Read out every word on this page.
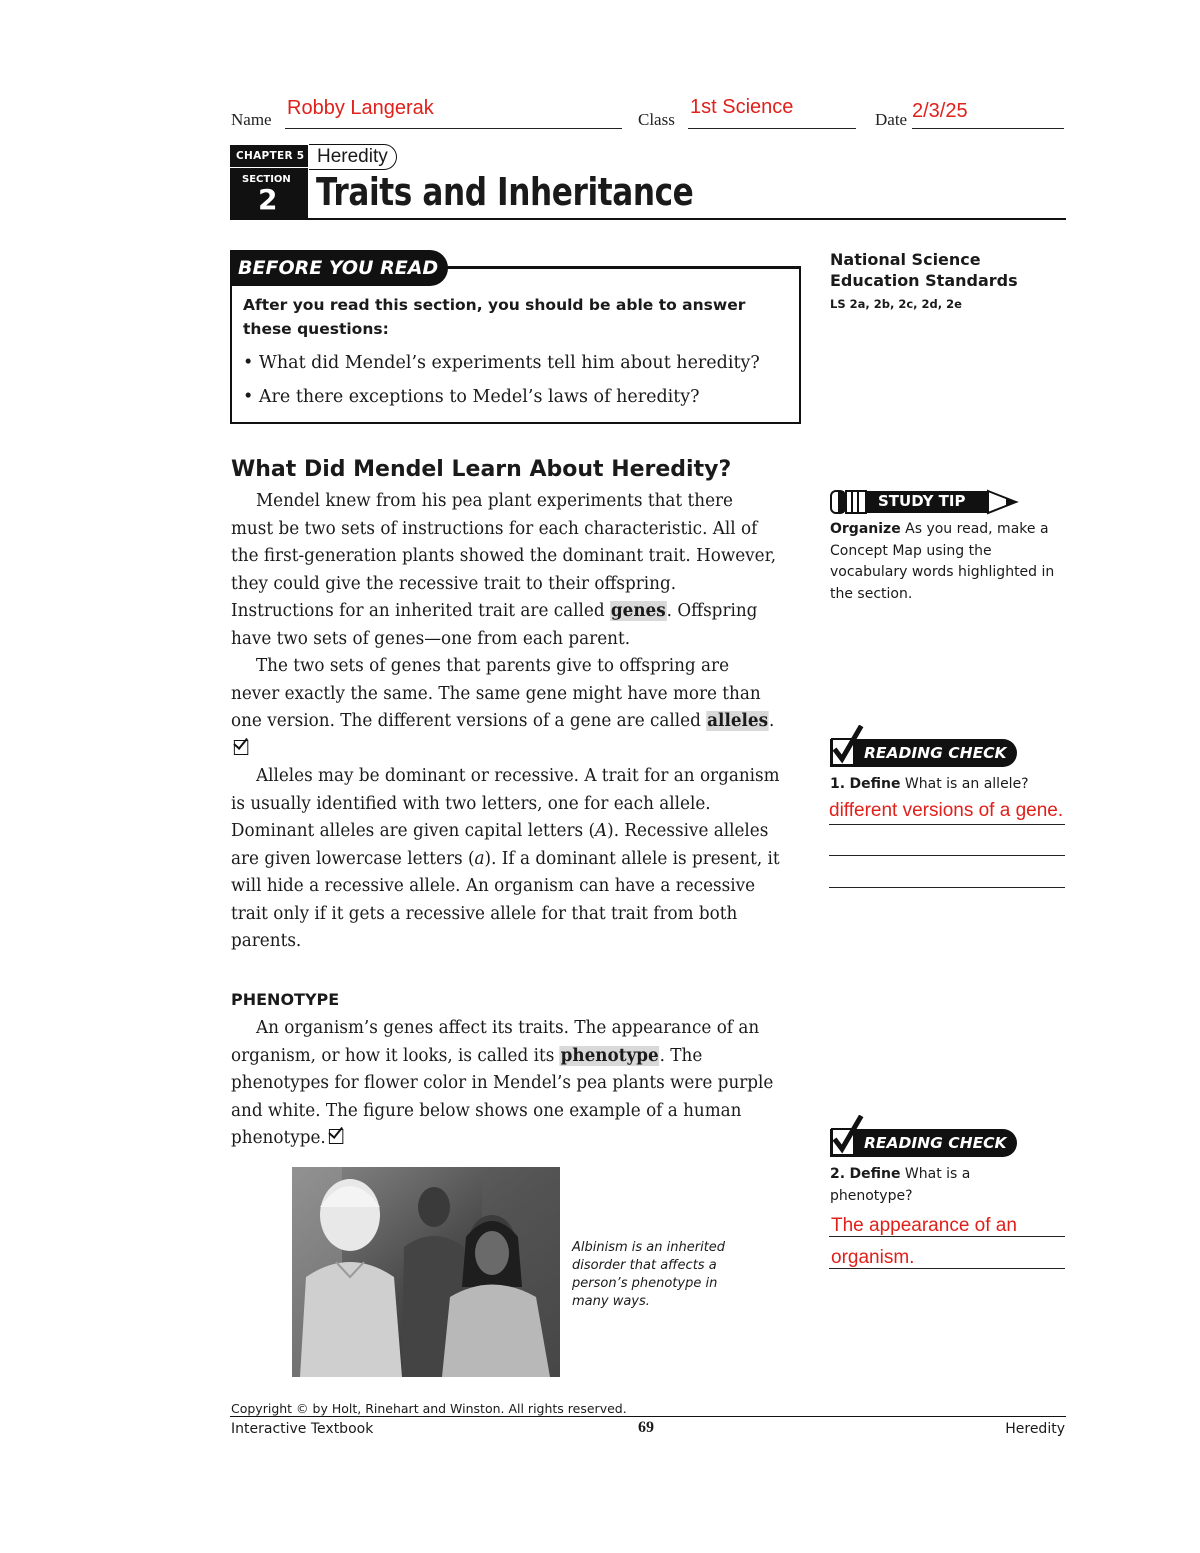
Name
Robby Langerak
Class
1st Science
Date 2/3/25
CHAPTER 5
SECTION
2
Heredity
Traits and Inheritance
BEFORE YOU READ
After you read this section, you should be able to answer these questions:
• What did Mendel’s experiments tell him about heredity?
• Are there exceptions to Medel’s laws of heredity?
National Science Education Standards
LS 2a, 2b, 2c, 2d, 2e
What Did Mendel Learn About Heredity?

Mendel knew from his pea plant experiments that there must be two sets of instructions for each characteristic. All of the first-generation plants showed the dominant trait. However, they could give the recessive trait to their offspring. Instructions for an inherited trait are called genes. Offspring have two sets of genes—one from each parent.

The two sets of genes that parents give to offspring are never exactly the same. The same gene might have more than one version. The different versions of a gene are called alleles.

Alleles may be dominant or recessive. A trait for an organism is usually identified with two letters, one for each allele. Dominant alleles are given capital letters (A). Recessive alleles are given lowercase letters (a). If a dominant allele is present, it will hide a recessive allele. An organism can have a recessive trait only if it gets a recessive allele for that trait from both parents.

PHENOTYPE

An organism’s genes affect its traits. The appearance of an organism, or how it looks, is called its phenotype. The phenotypes for flower color in Mendel’s pea plants were purple and white. The figure below shows one example of a human phenotype.

STUDY TIP
Organize As you read, make a Concept Map using the vocabulary words highlighted in the section.
READING CHECK
1. Define What is an allele?
different versions of a gene.
READING CHECK
2. Define What is a phenotype?
The appearance of an
organism.
Albinism is an inherited disorder that affects a person’s phenotype in many ways.
Copyright © by Holt, Rinehart and Winston. All rights reserved.
Interactive Textbook	69	Heredity
